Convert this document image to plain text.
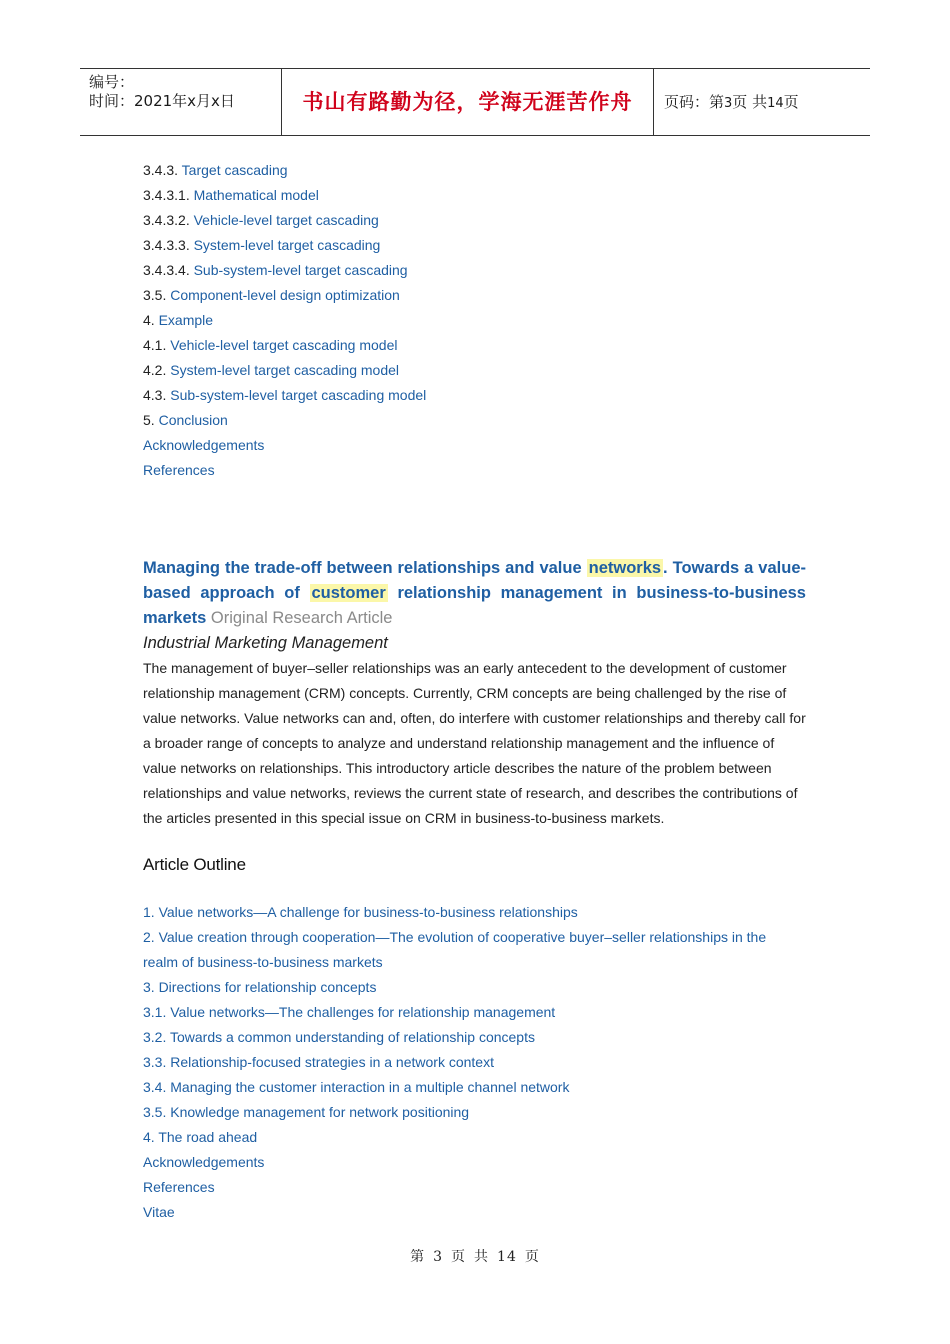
编号：
时间：2021年x月x日	书山有路勤为径，学海无涯苦作舟	页码：第3页 共14页
3.4.3. Target cascading
3.4.3.1. Mathematical model
3.4.3.2. Vehicle-level target cascading
3.4.3.3. System-level target cascading
3.4.3.4. Sub-system-level target cascading
3.5. Component-level design optimization
4. Example
4.1. Vehicle-level target cascading model
4.2. System-level target cascading model
4.3. Sub-system-level target cascading model
5. Conclusion
Acknowledgements
References

Managing the trade-off between relationships and value networks . Towards a value-based approach of customer relationship management in business-to-business markets Original Research Article

Industrial Marketing Management

The management of buyer–seller relationships was an early antecedent to the development of customer relationship management (CRM) concepts. Currently, CRM concepts are being challenged by the rise of value networks. Value networks can and, often, do interfere with customer relationships and thereby call for a broader range of concepts to analyze and understand relationship management and the influence of value networks on relationships. This introductory article describes the nature of the problem between relationships and value networks, reviews the current state of research, and describes the contributions of the articles presented in this special issue on CRM in business-to-business markets.

Article Outline
1. Value networks—A challenge for business-to-business relationships
2. Value creation through cooperation—The evolution of cooperative buyer–seller relationships in the realm of business-to-business markets
3. Directions for relationship concepts
3.1. Value networks—The challenges for relationship management
3.2. Towards a common understanding of relationship concepts
3.3. Relationship-focused strategies in a network context
3.4. Managing the customer interaction in a multiple channel network
3.5. Knowledge management for network positioning
4. The road ahead
Acknowledgements
References
Vitae
第 3 页 共 14 页
